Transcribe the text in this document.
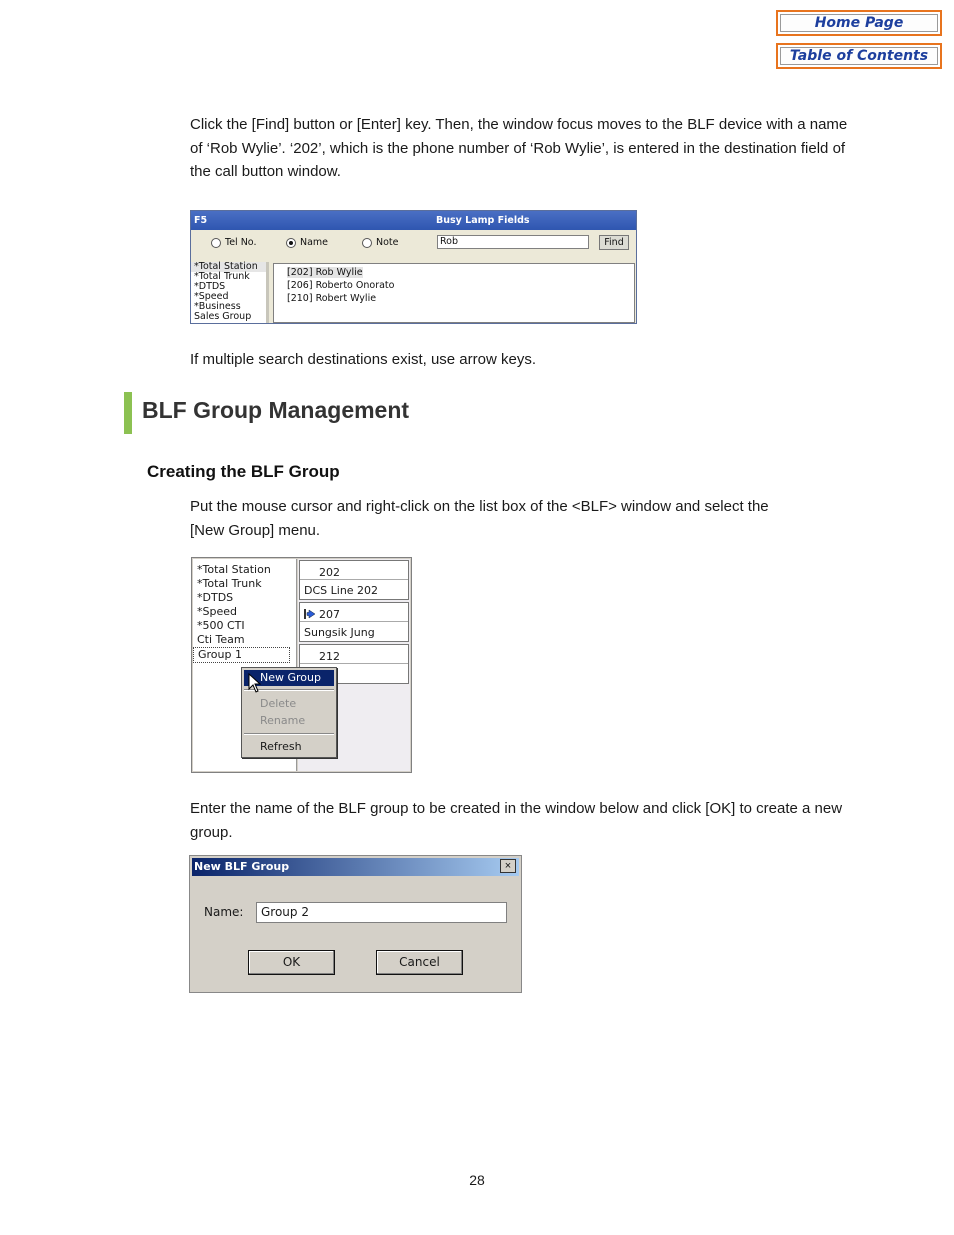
Home Page
Table of Contents
Click the [Find] button or [Enter] key. Then, the window focus moves to the BLF device with a name of ‘Rob Wylie’. ‘202’, which is the phone number of ‘Rob Wylie’, is entered in the destination field of the call button window.
F5	Busy Lamp Fields
Tel No.	Name	Note	Rob	Find
*Total Station
*Total Trunk
*DTDS
*Speed
*Business
Sales Group
[202] Rob Wylie
[206] Roberto Onorato
[210] Robert Wylie
If multiple search destinations exist, use arrow keys.
BLF Group Management
Creating the BLF Group
Put the mouse cursor and right-click on the list box of the <BLF> window and select the
[New Group] menu.
*Total Station
*Total Trunk
*DTDS
*Speed
*500 CTI
Cti Team
Group 1
202
DCS Line 202
207
Sungsik Jung
212
New Group
Delete
Rename
Refresh
Enter the name of the BLF group to be created in the window below and click [OK] to create a new group.
New BLF Group	×
Name:	Group 2
OK	Cancel
28
